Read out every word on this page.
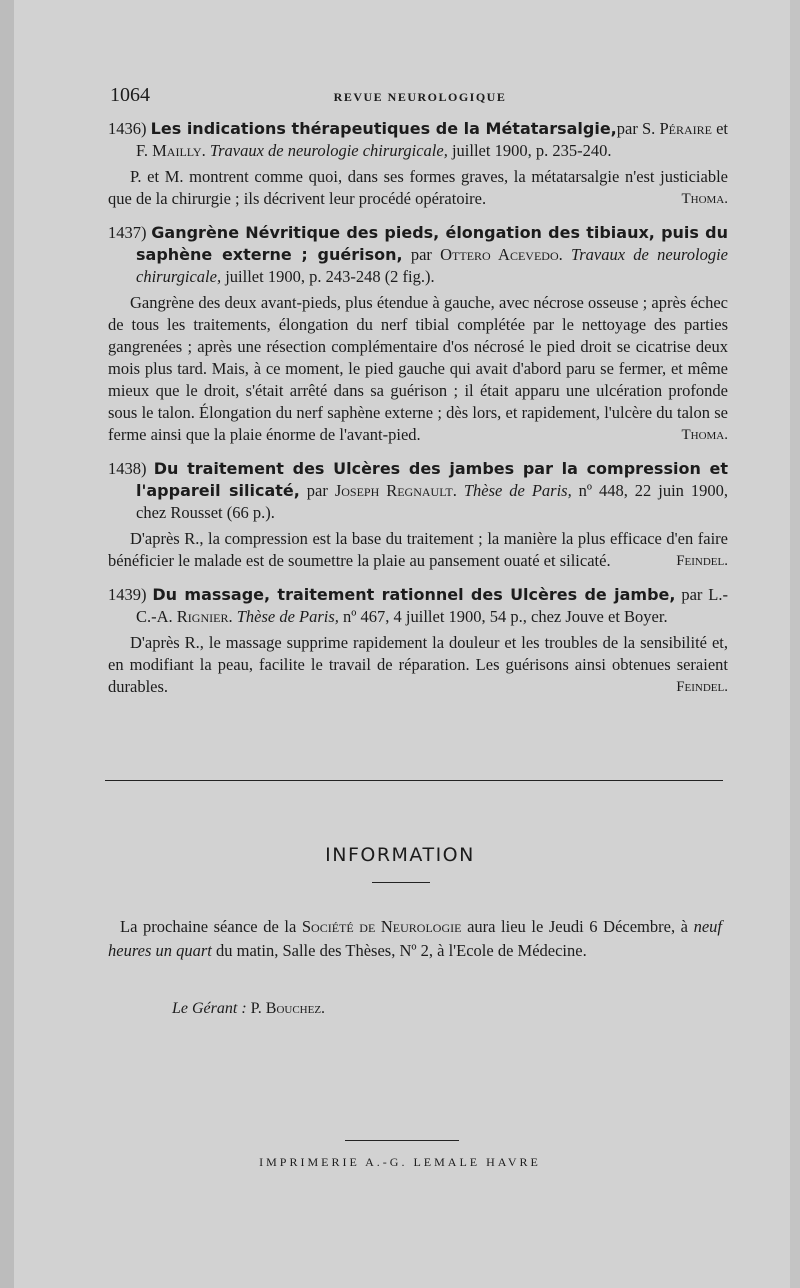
1064	REVUE NEUROLOGIQUE

1436) Les indications thérapeutiques de la Métatarsalgie,par S. Péraire et F. Mailly. Travaux de neurologie chirurgicale, juillet 1900, p. 235-240.

P. et M. montrent comme quoi, dans ses formes graves, la métatarsalgie n'est justiciable que de la chirurgie ; ils décrivent leur procédé opératoire.	Thoma.

1437) Gangrène Névritique des pieds, élongation des tibiaux, puis du saphène externe ; guérison, par Ottero Acevedo. Travaux de neurologie chirurgicale, juillet 1900, p. 243-248 (2 fig.).

Gangrène des deux avant-pieds, plus étendue à gauche, avec nécrose osseuse ; après échec de tous les traitements, élongation du nerf tibial complétée par le nettoyage des parties gangrenées ; après une résection complémentaire d'os nécrosé le pied droit se cicatrise deux mois plus tard. Mais, à ce moment, le pied gauche qui avait d'abord paru se fermer, et même mieux que le droit, s'était arrêté dans sa guérison ; il était apparu une ulcération profonde sous le talon. Élongation du nerf saphène externe ; dès lors, et rapidement, l'ulcère du talon se ferme ainsi que la plaie énorme de l'avant-pied.	Thoma.

1438) Du traitement des Ulcères des jambes par la compression et l'appareil silicaté, par Joseph Regnault. Thèse de Paris, nº 448, 22 juin 1900, chez Rousset (66 p.).

D'après R., la compression est la base du traitement ; la manière la plus efficace d'en faire bénéficier le malade est de soumettre la plaie au pansement ouaté et silicaté.	Feindel.

1439) Du massage, traitement rationnel des Ulcères de jambe, par L.-C.-A. Rignier. Thèse de Paris, nº 467, 4 juillet 1900, 54 p., chez Jouve et Boyer.

D'après R., le massage supprime rapidement la douleur et les troubles de la sensibilité et, en modifiant la peau, facilite le travail de réparation. Les guérisons ainsi obtenues seraient durables.	Feindel.

INFORMATION

La prochaine séance de la Société de Neurologie aura lieu le Jeudi 6 Décembre, à neuf heures un quart du matin, Salle des Thèses, Nº 2, à l'Ecole de Médecine.

Le Gérant : P. Bouchez.
IMPRIMERIE A.-G. LEMALE HAVRE
